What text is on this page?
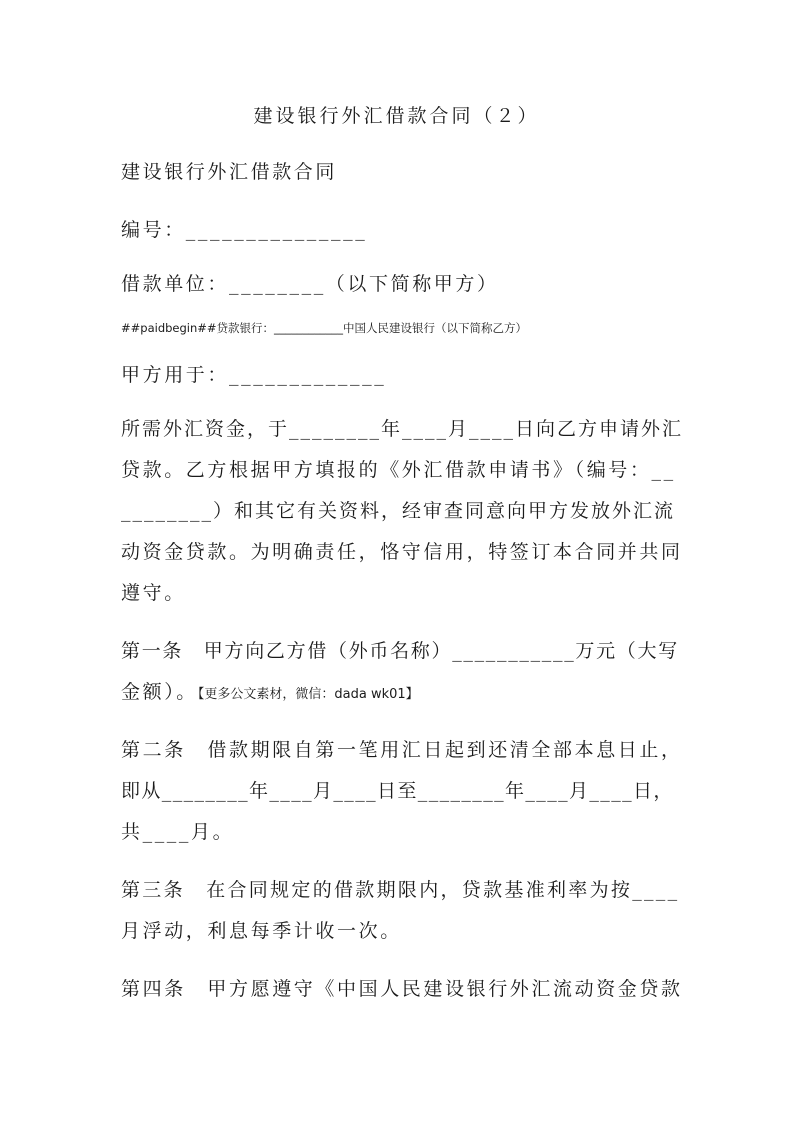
建设银行外汇借款合同（２）
建设银行外汇借款合同
编号：_______________
借款单位：________（以下简称甲方）
##paidbegin##贷款银行：____________中国人民建设银行（以下简称乙方）
甲方用于：_____________
所需外汇资金，于________年____月____日向乙方申请外汇
贷款。乙方根据甲方填报的《外汇借款申请书》（编号：__
________）和其它有关资料，经审查同意向甲方发放外汇流
动资金贷款。为明确责任，恪守信用，特签订本合同并共同
遵守。
第一条　甲方向乙方借（外币名称）___________万元（大写
金额）。【更多公文素材，微信：dada wk01】
第二条　借款期限自第一笔用汇日起到还清全部本息日止，
即从________年____月____日至________年____月____日，
共____月。
第三条　在合同规定的借款期限内，贷款基准利率为按____
月浮动，利息每季计收一次。
第四条　甲方愿遵守《中国人民建设银行外汇流动资金贷款
